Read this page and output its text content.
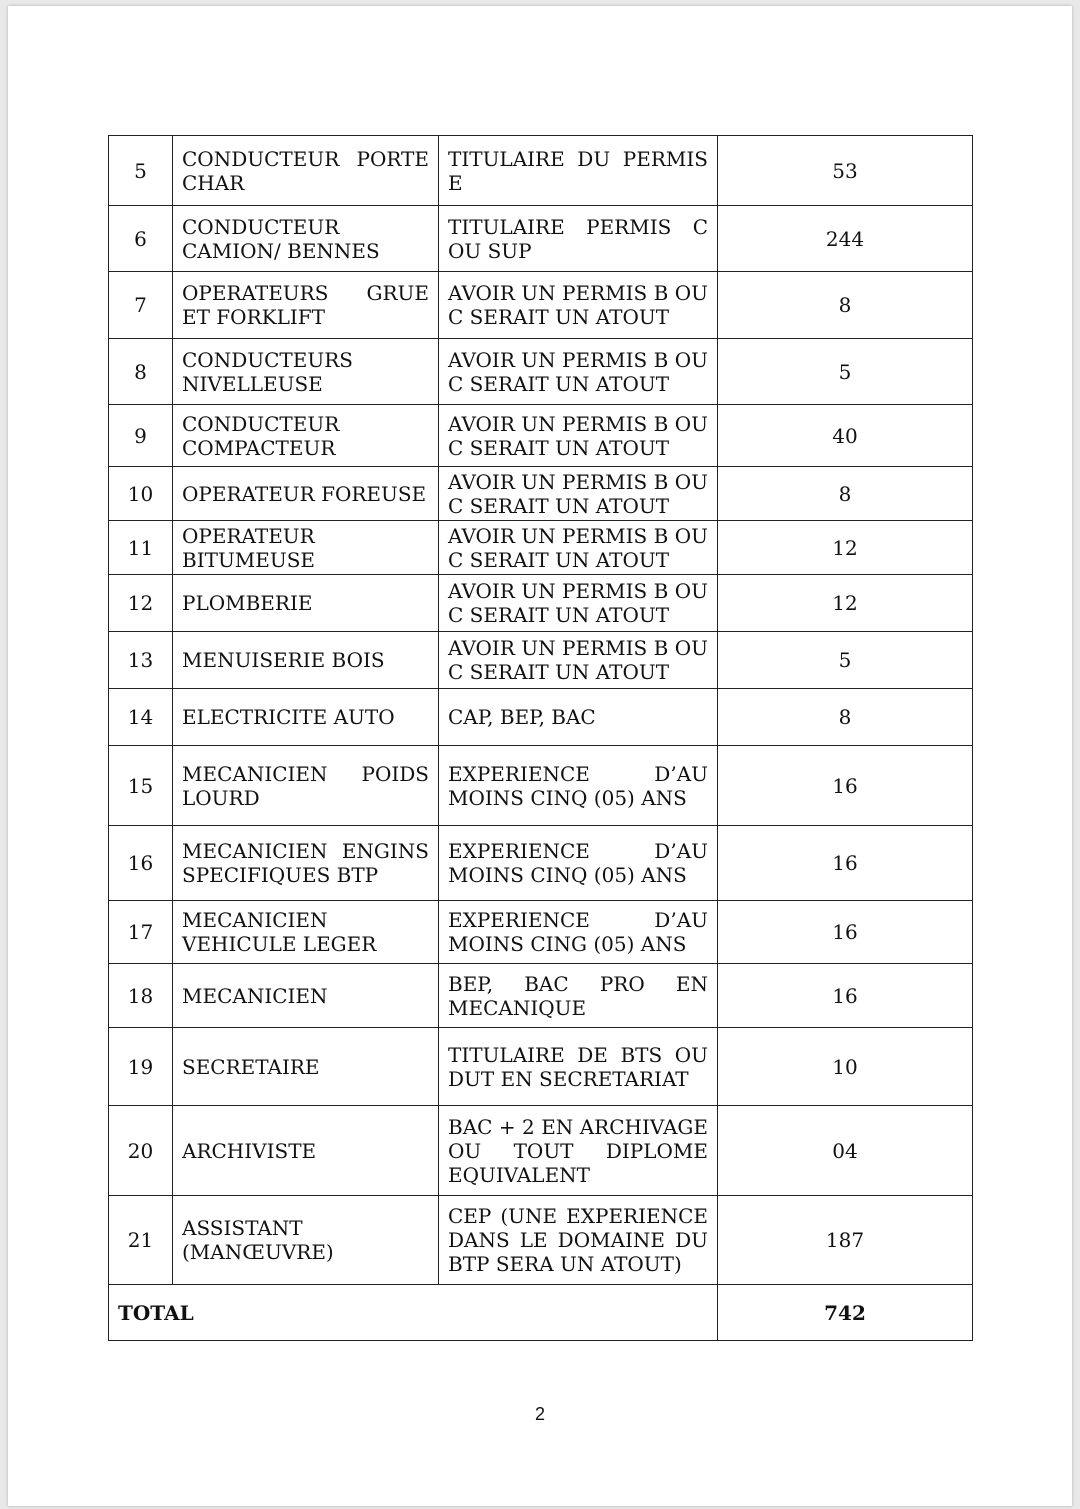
5	CONDUCTEUR PORTE CHAR	TITULAIRE DU PERMIS E	53
6	CONDUCTEUR CAMION/ BENNES	TITULAIRE PERMIS C OU SUP	244
7	OPERATEURS GRUE ET FORKLIFT	AVOIR UN PERMIS B OU C SERAIT UN ATOUT	8
8	CONDUCTEURS NIVELLEUSE	AVOIR UN PERMIS B OU C SERAIT UN ATOUT	5
9	CONDUCTEUR COMPACTEUR	AVOIR UN PERMIS B OU C SERAIT UN ATOUT	40
10	OPERATEUR FOREUSE	AVOIR UN PERMIS B OU C SERAIT UN ATOUT	8
11	OPERATEUR BITUMEUSE	AVOIR UN PERMIS B OU C SERAIT UN ATOUT	12
12	PLOMBERIE	AVOIR UN PERMIS B OU C SERAIT UN ATOUT	12
13	MENUISERIE BOIS	AVOIR UN PERMIS B OU C SERAIT UN ATOUT	5
14	ELECTRICITE AUTO	CAP, BEP, BAC	8
15	MECANICIEN POIDS LOURD	EXPERIENCE D’AU MOINS CINQ (05) ANS	16
16	MECANICIEN ENGINS SPECIFIQUES BTP	EXPERIENCE D’AU MOINS CINQ (05) ANS	16
17	MECANICIEN VEHICULE LEGER	EXPERIENCE D’AU MOINS CING (05) ANS	16
18	MECANICIEN	BEP, BAC PRO EN MECANIQUE	16
19	SECRETAIRE	TITULAIRE DE BTS OU DUT EN SECRETARIAT	10
20	ARCHIVISTE	BAC + 2 EN ARCHIVAGE OU TOUT DIPLOME EQUIVALENT	04
21	ASSISTANT (MANŒUVRE)	CEP (UNE EXPERIENCE DANS LE DOMAINE DU BTP SERA UN ATOUT)	187
TOTAL			742
2
